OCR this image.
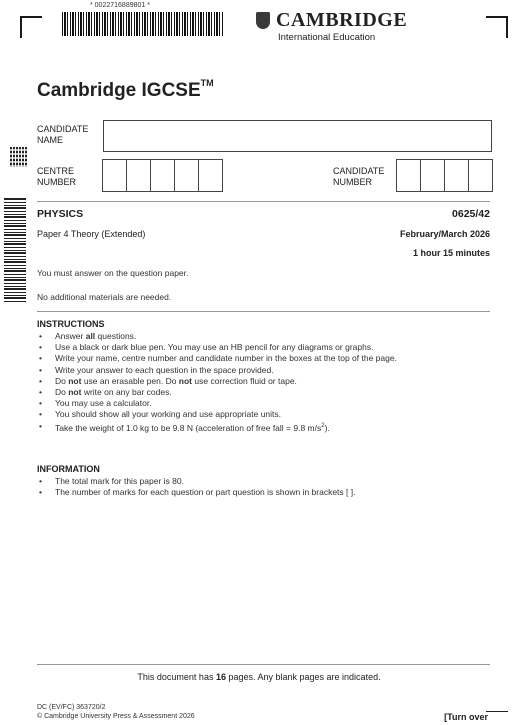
* 0022716889801 *
CAMBRIDGE
International Education
Cambridge IGCSE™
CANDIDATE NAME
CENTRE NUMBER
CANDIDATE NUMBER
PHYSICS	0625/42
Paper 4 Theory (Extended)	February/March 2026
1 hour 15 minutes
You must answer on the question paper.
No additional materials are needed.
INSTRUCTIONS
• Answer all questions.
• Use a black or dark blue pen. You may use an HB pencil for any diagrams or graphs.
• Write your name, centre number and candidate number in the boxes at the top of the page.
• Write your answer to each question in the space provided.
• Do not use an erasable pen. Do not use correction fluid or tape.
• Do not write on any bar codes.
• You may use a calculator.
• You should show all your working and use appropriate units.
• Take the weight of 1.0 kg to be 9.8 N (acceleration of free fall = 9.8 $m/s^2$).
INFORMATION
• The total mark for this paper is 80.
• The number of marks for each question or part question is shown in brackets [ ].
This document has 16 pages. Any blank pages are indicated.
DC (EV/FC) 363720/2
© Cambridge University Press & Assessment 2026	[Turn over
